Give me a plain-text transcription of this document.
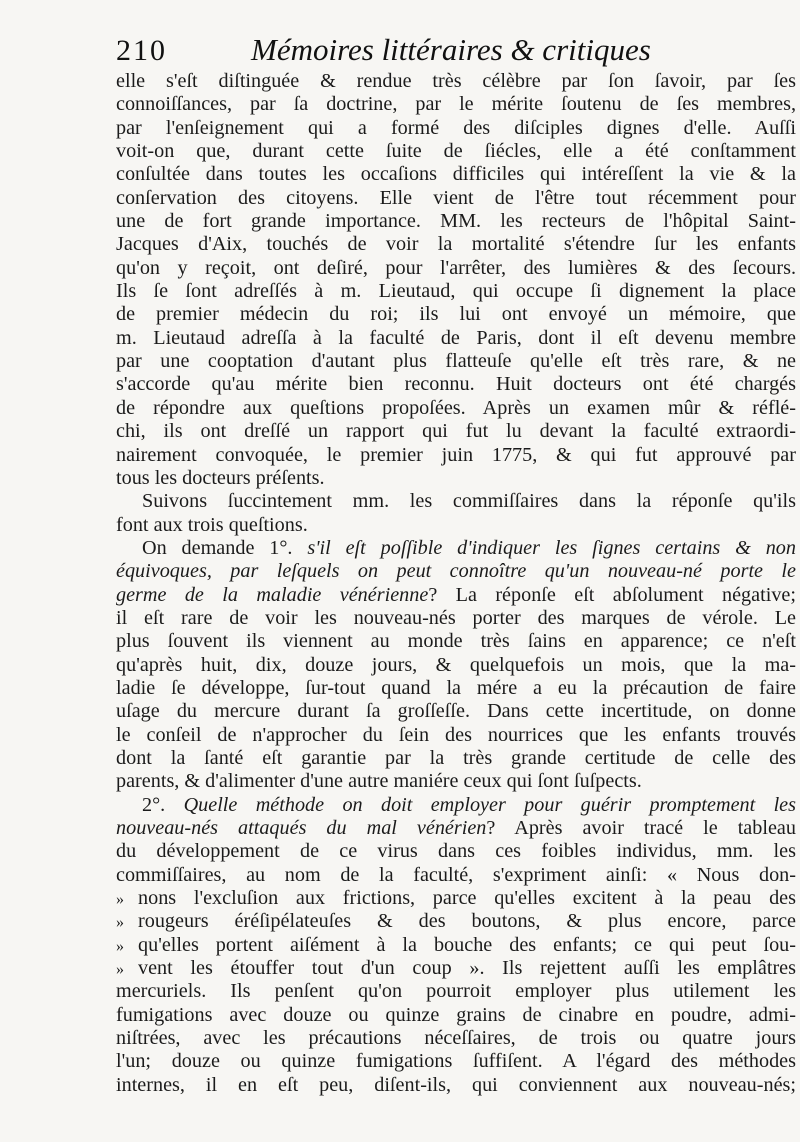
210	Mémoires littéraires & critiques
elle s'eſt diſtinguée & rendue très célèbre par ſon ſavoir, par ſes
connoiſſances, par ſa doctrine, par le mérite ſoutenu de ſes membres,
par l'enſeignement qui a formé des diſciples dignes d'elle. Auſſi
voit-on que, durant cette ſuite de ſiécles, elle a été conſtamment
conſultée dans toutes les occaſions difficiles qui intéreſſent la vie & la
conſervation des citoyens. Elle vient de l'être tout récemment pour
une de fort grande importance. MM. les recteurs de l'hôpital Saint-
Jacques d'Aix, touchés de voir la mortalité s'étendre ſur les enfants
qu'on y reçoit, ont deſiré, pour l'arrêter, des lumières & des ſecours.
Ils ſe ſont adreſſés à m. Lieutaud, qui occupe ſi dignement la place
de premier médecin du roi; ils lui ont envoyé un mémoire, que
m. Lieutaud adreſſa à la faculté de Paris, dont il eſt devenu membre
par une cooptation d'autant plus flatteuſe qu'elle eſt très rare, & ne
s'accorde qu'au mérite bien reconnu. Huit docteurs ont été chargés
de répondre aux queſtions propoſées. Après un examen mûr & réflé-
chi, ils ont dreſſé un rapport qui fut lu devant la faculté extraordi-
nairement convoquée, le premier juin 1775, & qui fut approuvé par
tous les docteurs préſents.
Suivons ſuccintement mm. les commiſſaires dans la réponſe qu'ils
font aux trois queſtions.
On demande 1°. s'il eſt poſſible d'indiquer les ſignes certains & non
équivoques, par leſquels on peut connoître qu'un nouveau-né porte le
germe de la maladie vénérienne? La réponſe eſt abſolument négative;
il eſt rare de voir les nouveau-nés porter des marques de vérole. Le
plus ſouvent ils viennent au monde très ſains en apparence; ce n'eſt
qu'après huit, dix, douze jours, & quelquefois un mois, que la ma-
ladie ſe développe, ſur-tout quand la mére a eu la précaution de faire
uſage du mercure durant ſa groſſeſſe. Dans cette incertitude, on donne
le conſeil de n'approcher du ſein des nourrices que les enfants trouvés
dont la ſanté eſt garantie par la très grande certitude de celle des
parents, & d'alimenter d'une autre maniére ceux qui ſont ſuſpects.
2°. Quelle méthode on doit employer pour guérir promptement les
nouveau-nés attaqués du mal vénérien? Après avoir tracé le tableau
du développement de ce virus dans ces foibles individus, mm. les
commiſſaires, au nom de la faculté, s'expriment ainſi: « Nous don-
» nons l'excluſion aux frictions, parce qu'elles excitent à la peau des
» rougeurs éréſipélateuſes & des boutons, & plus encore, parce
» qu'elles portent aiſément à la bouche des enfants; ce qui peut ſou-
» vent les étouffer tout d'un coup ». Ils rejettent auſſi les emplâtres
mercuriels. Ils penſent qu'on pourroit employer plus utilement les
fumigations avec douze ou quinze grains de cinabre en poudre, admi-
niſtrées, avec les précautions néceſſaires, de trois ou quatre jours
l'un; douze ou quinze fumigations ſuffiſent. A l'égard des méthodes
internes, il en eſt peu, diſent-ils, qui conviennent aux nouveau-nés;
